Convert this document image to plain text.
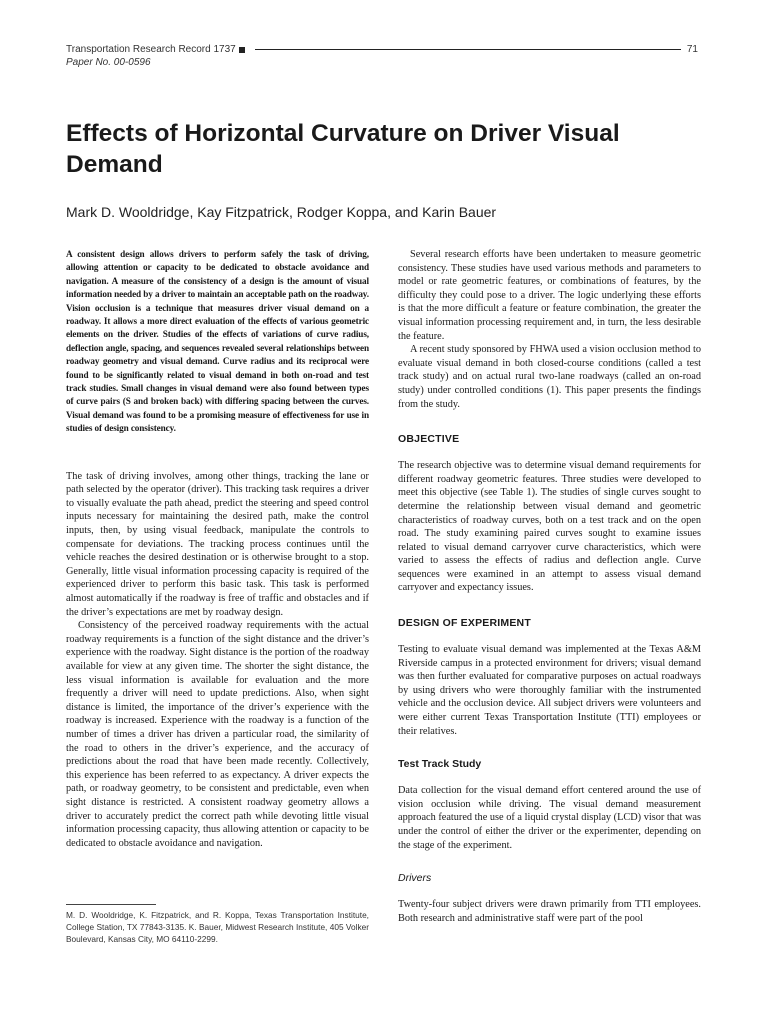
Transportation Research Record 1737	71
Paper No. 00-0596
Effects of Horizontal Curvature on Driver Visual Demand

Mark D. Wooldridge, Kay Fitzpatrick, Rodger Koppa, and Karin Bauer

A consistent design allows drivers to perform safely the task of driving, allowing attention or capacity to be dedicated to obstacle avoidance and navigation. A measure of the consistency of a design is the amount of visual information needed by a driver to maintain an acceptable path on the roadway. Vision occlusion is a technique that measures driver visual demand on a roadway. It allows a more direct evaluation of the effects of various geometric elements on the driver. Studies of the effects of variations of curve radius, deflection angle, spacing, and sequences revealed several relationships between roadway geometry and visual demand. Curve radius and its reciprocal were found to be significantly related to visual demand in both on-road and test track studies. Small changes in visual demand were also found between types of curve pairs (S and broken back) with differing spacing between the curves. Visual demand was found to be a promising measure of effectiveness for use in studies of design consistency.

The task of driving involves, among other things, tracking the lane or path selected by the operator (driver). This tracking task requires a driver to visually evaluate the path ahead, predict the steering and speed control inputs necessary for maintaining the desired path, make the control inputs, then, by using visual feedback, manipulate the controls to compensate for deviations. The tracking process continues until the vehicle reaches the desired destination or is otherwise brought to a stop. Generally, little visual information processing capacity is required of the experienced driver to perform this basic task. This task is performed almost automatically if the roadway is free of traffic and obstacles and if the driver’s expectations are met by roadway design.

Consistency of the perceived roadway requirements with the actual roadway requirements is a function of the sight distance and the driver’s experience with the roadway. Sight distance is the portion of the roadway available for view at any given time. The shorter the sight distance, the less visual information is available for evaluation and the more frequently a driver will need to update predictions. Also, when sight distance is limited, the importance of the driver’s experience with the roadway is increased. Experience with the roadway is a function of the number of times a driver has driven a particular road, the similarity of the road to others in the driver’s experience, and the accuracy of predictions about the road that have been made recently. Collectively, this experience has been referred to as expectancy. A driver expects the path, or roadway geometry, to be consistent and predictable, even when sight distance is restricted. A consistent roadway geometry allows a driver to accurately predict the correct path while devoting little visual information processing capacity, thus allowing attention or capacity to be dedicated to obstacle avoidance and navigation.

M. D. Wooldridge, K. Fitzpatrick, and R. Koppa, Texas Transportation Institute, College Station, TX 77843-3135. K. Bauer, Midwest Research Institute, 405 Volker Boulevard, Kansas City, MO 64110-2299.

Several research efforts have been undertaken to measure geometric consistency. These studies have used various methods and parameters to model or rate geometric features, or combinations of features, by the difficulty they could pose to a driver. The logic underlying these efforts is that the more difficult a feature or feature combination, the greater the visual information processing requirement and, in turn, the less desirable the feature.

A recent study sponsored by FHWA used a vision occlusion method to evaluate visual demand in both closed-course conditions (called a test track study) and on actual rural two-lane roadways (called an on-road study) under controlled conditions (1). This paper presents the findings from the study.

OBJECTIVE

The research objective was to determine visual demand requirements for different roadway geometric features. Three studies were developed to meet this objective (see Table 1). The studies of single curves sought to determine the relationship between visual demand and geometric characteristics of roadway curves, both on a test track and on the open road. The study examining paired curves sought to examine issues related to visual demand carryover curve characteristics, which were varied to assess the effects of radius and deflection angle. Curve sequences were examined in an attempt to assess visual demand carryover and expectancy issues.

DESIGN OF EXPERIMENT

Testing to evaluate visual demand was implemented at the Texas A&M Riverside campus in a protected environment for drivers; visual demand was then further evaluated for comparative purposes on actual roadways by using drivers who were thoroughly familiar with the instrumented vehicle and the occlusion device. All subject drivers were volunteers and were either current Texas Transportation Institute (TTI) employees or their relatives.

Test Track Study

Data collection for the visual demand effort centered around the use of vision occlusion while driving. The visual demand measurement approach featured the use of a liquid crystal display (LCD) visor that was under the control of either the driver or the experimenter, depending on the stage of the experiment.

Drivers

Twenty-four subject drivers were drawn primarily from TTI employees. Both research and administrative staff were part of the pool
